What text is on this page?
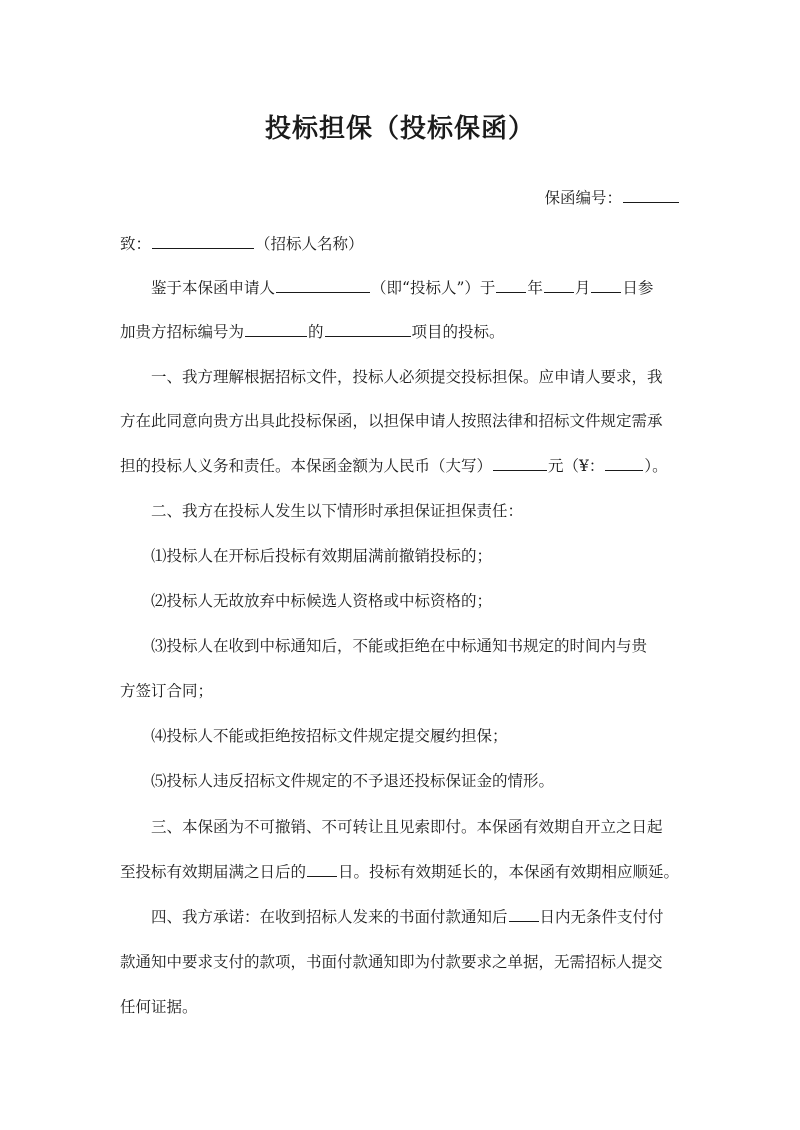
投标担保（投标保函）
保函编号：
致：	（招标人名称）
鉴于本保函申请人	（即“投标人”）于 年 月 日参
加贵方招标编号为	的	项目的投标。
一、我方理解根据招标文件，投标人必须提交投标担保。应申请人要求，我
方在此同意向贵方出具此投标保函，以担保申请人按照法律和招标文件规定需承
担的投标人义务和责任。本保函金额为人民币（大写）	元（¥：	）。
二、我方在投标人发生以下情形时承担保证担保责任：
⑴投标人在开标后投标有效期届满前撤销投标的；
⑵投标人无故放弃中标候选人资格或中标资格的；
⑶投标人在收到中标通知后，不能或拒绝在中标通知书规定的时间内与贵
方签订合同；
⑷投标人不能或拒绝按招标文件规定提交履约担保；
⑸投标人违反招标文件规定的不予退还投标保证金的情形。
三、本保函为不可撤销、不可转让且见索即付。本保函有效期自开立之日起
至投标有效期届满之日后的 日。投标有效期延长的，本保函有效期相应顺延。
四、我方承诺：在收到招标人发来的书面付款通知后 日内无条件支付付
款通知中要求支付的款项，书面付款通知即为付款要求之单据，无需招标人提交
任何证据。
